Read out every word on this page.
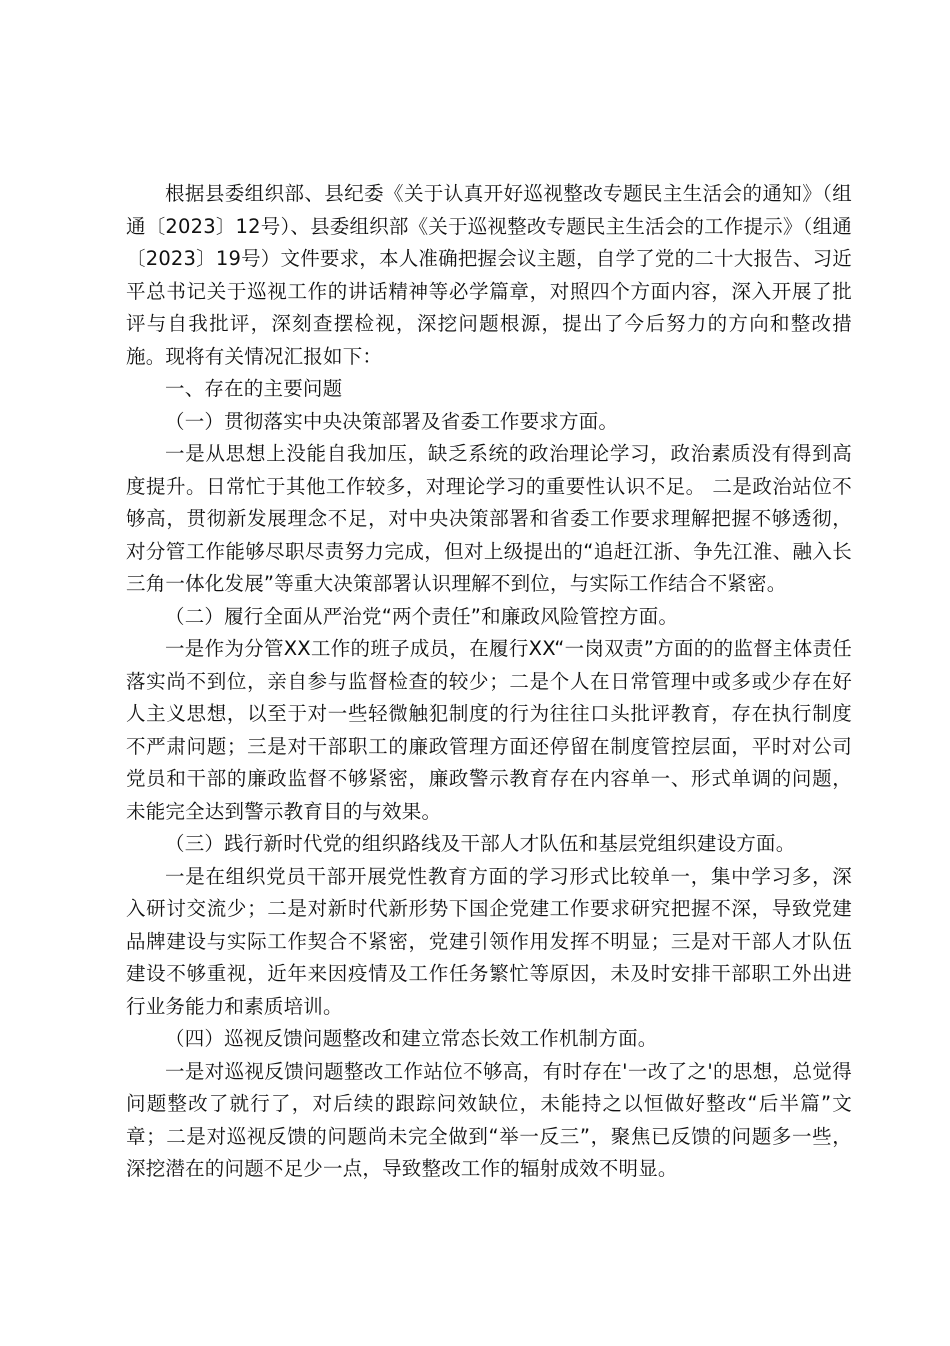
根据县委组织部、县纪委《关于认真开好巡视整改专题民主生活会的通知》（组通〔2023〕12号）、县委组织部《关于巡视整改专题民主生活会的工作提示》（组通〔2023〕19号）文件要求，本人准确把握会议主题，自学了党的二十大报告、习近平总书记关于巡视工作的讲话精神等必学篇章，对照四个方面内容，深入开展了批评与自我批评，深刻查摆检视，深挖问题根源，提出了今后努力的方向和整改措施。现将有关情况汇报如下：

一、存在的主要问题

（一）贯彻落实中央决策部署及省委工作要求方面。

一是从思想上没能自我加压，缺乏系统的政治理论学习，政治素质没有得到高度提升。日常忙于其他工作较多，对理论学习的重要性认识不足。 二是政治站位不够高，贯彻新发展理念不足，对中央决策部署和省委工作要求理解把握不够透彻，对分管工作能够尽职尽责努力完成，但对上级提出的“追赶江浙、争先江淮、融入长三角一体化发展”等重大决策部署认识理解不到位，与实际工作结合不紧密。

（二）履行全面从严治党“两个责任”和廉政风险管控方面。

一是作为分管XX工作的班子成员，在履行XX“一岗双责”方面的的监督主体责任落实尚不到位，亲自参与监督检查的较少；二是个人在日常管理中或多或少存在好人主义思想，以至于对一些轻微触犯制度的行为往往口头批评教育，存在执行制度不严肃问题；三是对干部职工的廉政管理方面还停留在制度管控层面，平时对公司党员和干部的廉政监督不够紧密，廉政警示教育存在内容单一、形式单调的问题，未能完全达到警示教育目的与效果。

（三）践行新时代党的组织路线及干部人才队伍和基层党组织建设方面。

一是在组织党员干部开展党性教育方面的学习形式比较单一，集中学习多，深入研讨交流少；二是对新时代新形势下国企党建工作要求研究把握不深，导致党建品牌建设与实际工作契合不紧密，党建引领作用发挥不明显；三是对干部人才队伍建设不够重视，近年来因疫情及工作任务繁忙等原因，未及时安排干部职工外出进行业务能力和素质培训。

（四）巡视反馈问题整改和建立常态长效工作机制方面。

一是对巡视反馈问题整改工作站位不够高，有时存在'一改了之'的思想，总觉得问题整改了就行了，对后续的跟踪问效缺位，未能持之以恒做好整改“后半篇”文章；二是对巡视反馈的问题尚未完全做到“举一反三”，聚焦已反馈的问题多一些，深挖潜在的问题不足少一点，导致整改工作的辐射成效不明显。
